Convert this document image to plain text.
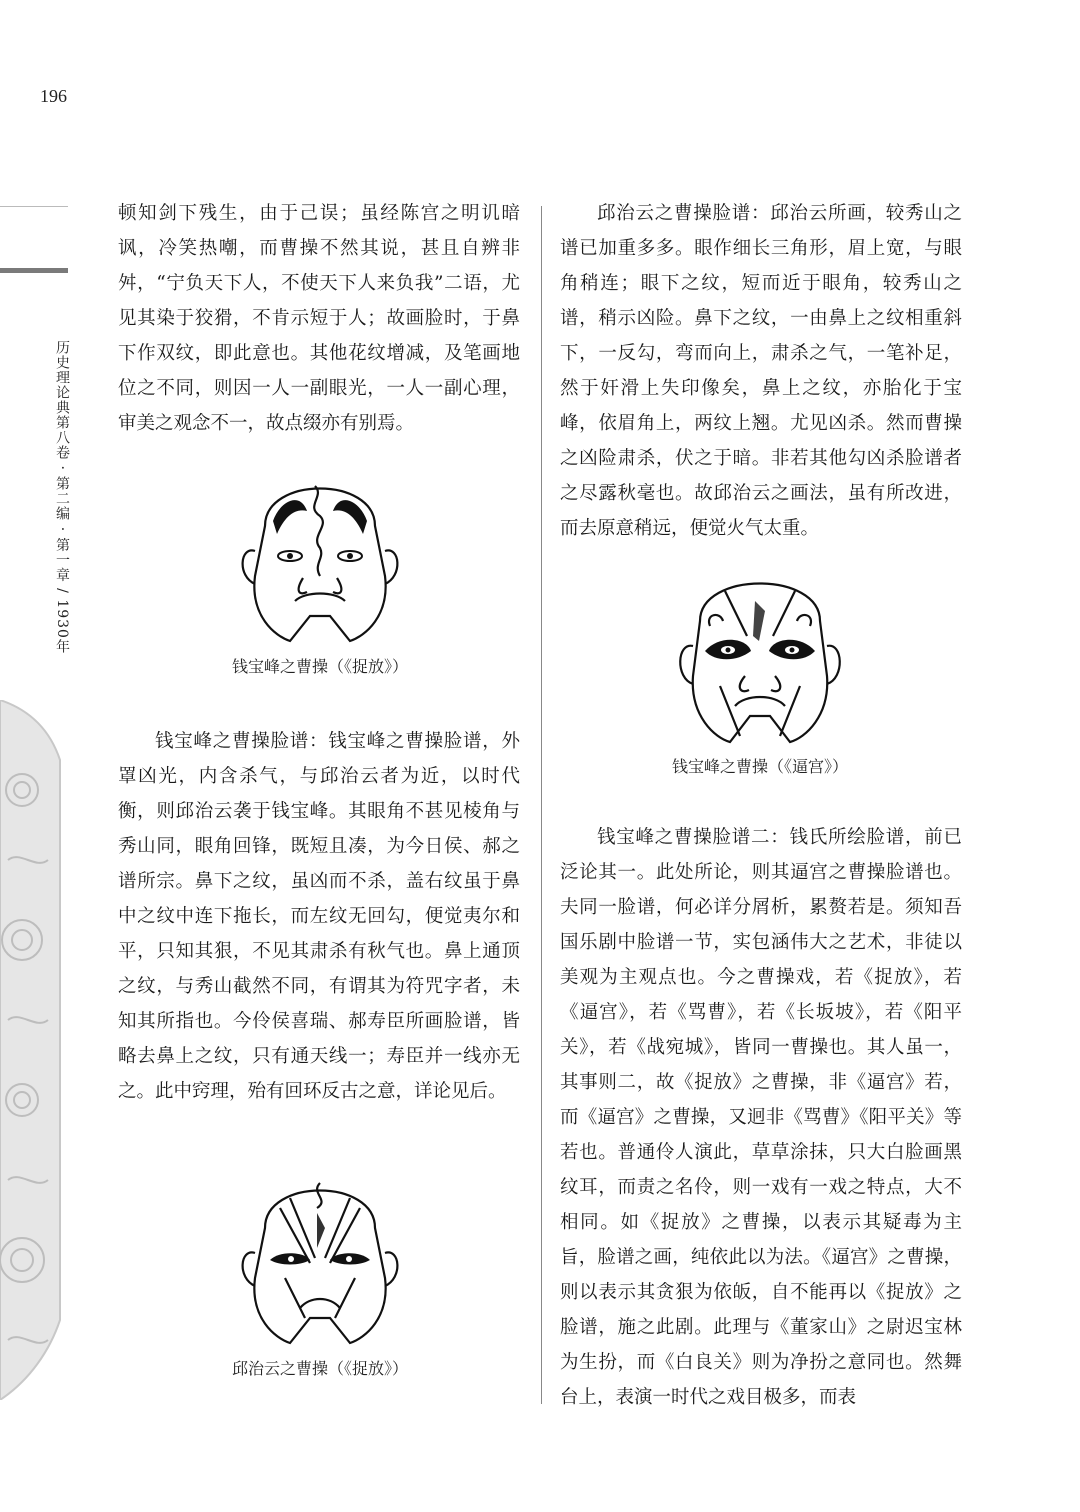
196
历史理论典第八卷 · 第二编 · 第一章 / 1930年

顿知剑下残生，由于己误；虽经陈宫之明讥暗讽，冷笑热嘲，而曹操不然其说，甚且自辨非舛，“宁负天下人，不使天下人来负我”二语，尤见其染于狡猾，不肯示短于人；故画脸时，于鼻下作双纹，即此意也。其他花纹增减，及笔画地位之不同，则因一人一副眼光，一人一副心理，审美之观念不一，故点缀亦有别焉。

钱宝峰之曹操（《捉放》）

钱宝峰之曹操脸谱：钱宝峰之曹操脸谱，外罩凶光，内含杀气，与邱治云者为近，以时代衡，则邱治云袭于钱宝峰。其眼角不甚见棱角与秀山同，眼角回锋，既短且凑，为今日侯、郝之谱所宗。鼻下之纹，虽凶而不杀，盖右纹虽于鼻中之纹中连下拖长，而左纹无回勾，便觉夷尔和平，只知其狠，不见其肃杀有秋气也。鼻上通顶之纹，与秀山截然不同，有谓其为符咒字者，未知其所指也。今伶侯喜瑞、郝寿臣所画脸谱，皆略去鼻上之纹，只有通天线一；寿臣并一线亦无之。此中窍理，殆有回环反古之意，详论见后。

邱治云之曹操（《捉放》）

邱治云之曹操脸谱：邱治云所画，较秀山之谱已加重多多。眼作细长三角形，眉上宽，与眼角稍连；眼下之纹，短而近于眼角，较秀山之谱，稍示凶险。鼻下之纹，一由鼻上之纹相重斜下，一反勾，弯而向上，肃杀之气，一笔补足，然于奸滑上失印像矣，鼻上之纹，亦胎化于宝峰，依眉角上，两纹上翘。尤见凶杀。然而曹操之凶险肃杀，伏之于暗。非若其他勾凶杀脸谱者之尽露秋毫也。故邱治云之画法，虽有所改进，而去原意稍远，便觉火气太重。

钱宝峰之曹操（《逼宫》）

钱宝峰之曹操脸谱二：钱氏所绘脸谱，前已泛论其一。此处所论，则其逼宫之曹操脸谱也。夫同一脸谱，何必详分屑析，累赘若是。须知吾国乐剧中脸谱一节，实包涵伟大之艺术，非徒以美观为主观点也。今之曹操戏，若《捉放》，若《逼宫》，若《骂曹》，若《长坂坡》，若《阳平关》，若《战宛城》，皆同一曹操也。其人虽一，其事则二，故《捉放》之曹操，非《逼宫》若，而《逼宫》之曹操，又迥非《骂曹》《阳平关》等若也。普通伶人演此，草草涂抹，只大白脸画黑纹耳，而责之名伶，则一戏有一戏之特点，大不相同。如《捉放》之曹操，以表示其疑毒为主旨，脸谱之画，纯依此以为法。《逼宫》之曹操，则以表示其贪狠为依皈，自不能再以《捉放》之脸谱，施之此剧。此理与《董家山》之尉迟宝林为生扮，而《白良关》则为净扮之意同也。然舞台上，表演一时代之戏目极多，而表
